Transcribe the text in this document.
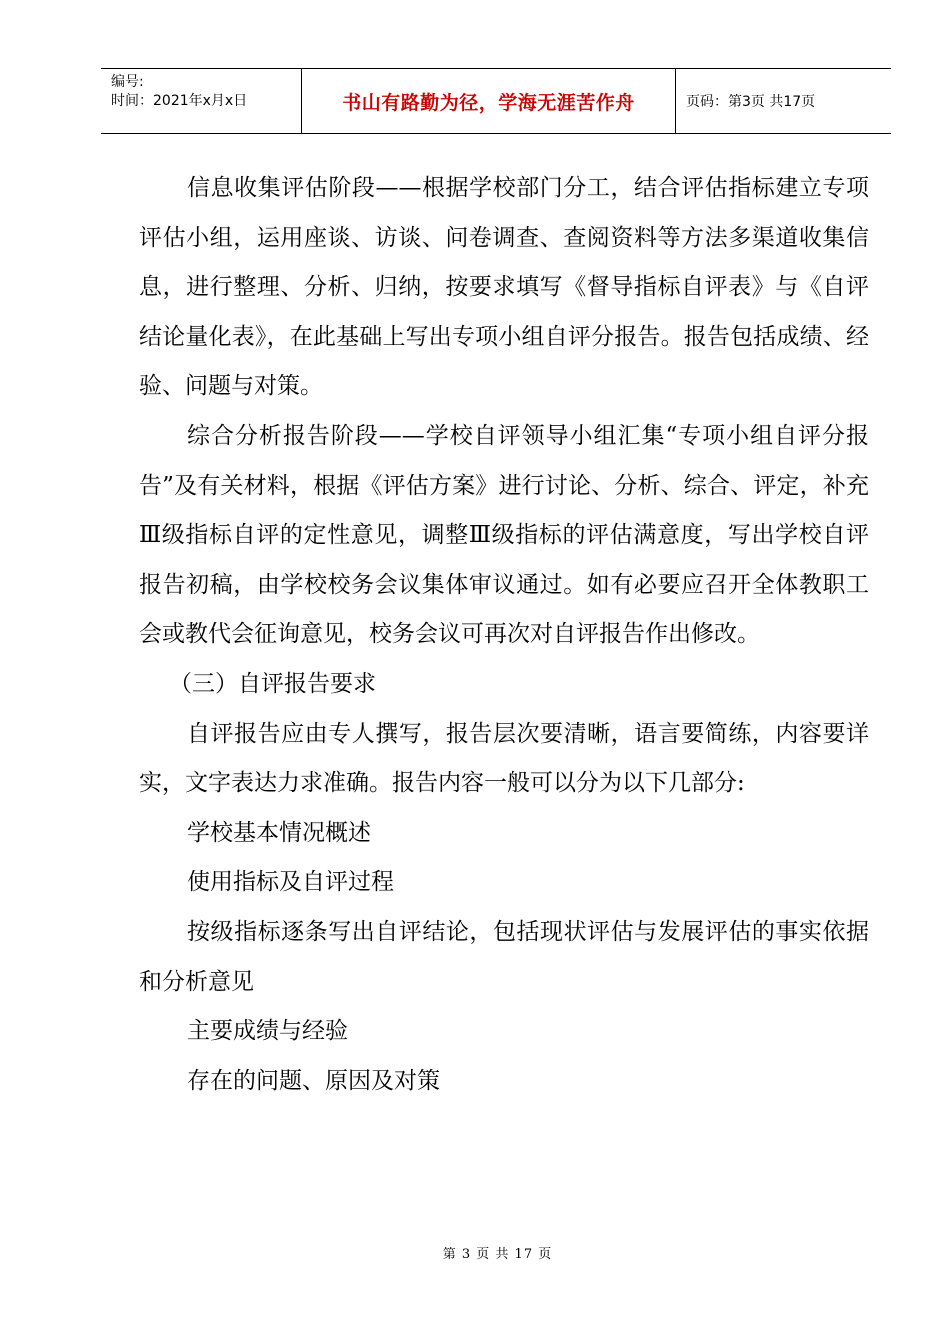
编号:
时间：2021年x月x日	书山有路勤为径，学海无涯苦作舟	页码：第3页 共17页

信息收集评估阶段——根据学校部门分工，结合评估指标建立专项评估小组，运用座谈、访谈、问卷调查、查阅资料等方法多渠道收集信息，进行整理、分析、归纳，按要求填写《督导指标自评表》与《自评结论量化表》，在此基础上写出专项小组自评分报告。报告包括成绩、经验、问题与对策。

综合分析报告阶段——学校自评领导小组汇集“专项小组自评分报告”及有关材料，根据《评估方案》进行讨论、分析、综合、评定，补充Ⅲ级指标自评的定性意见，调整Ⅲ级指标的评估满意度，写出学校自评报告初稿，由学校校务会议集体审议通过。如有必要应召开全体教职工会或教代会征询意见，校务会议可再次对自评报告作出修改。

（三）自评报告要求

自评报告应由专人撰写，报告层次要清晰，语言要简练，内容要详实，文字表达力求准确。报告内容一般可以分为以下几部分:

学校基本情况概述

使用指标及自评过程

按级指标逐条写出自评结论，包括现状评估与发展评估的事实依据和分析意见

主要成绩与经验

存在的问题、原因及对策

第 3 页 共 17 页
